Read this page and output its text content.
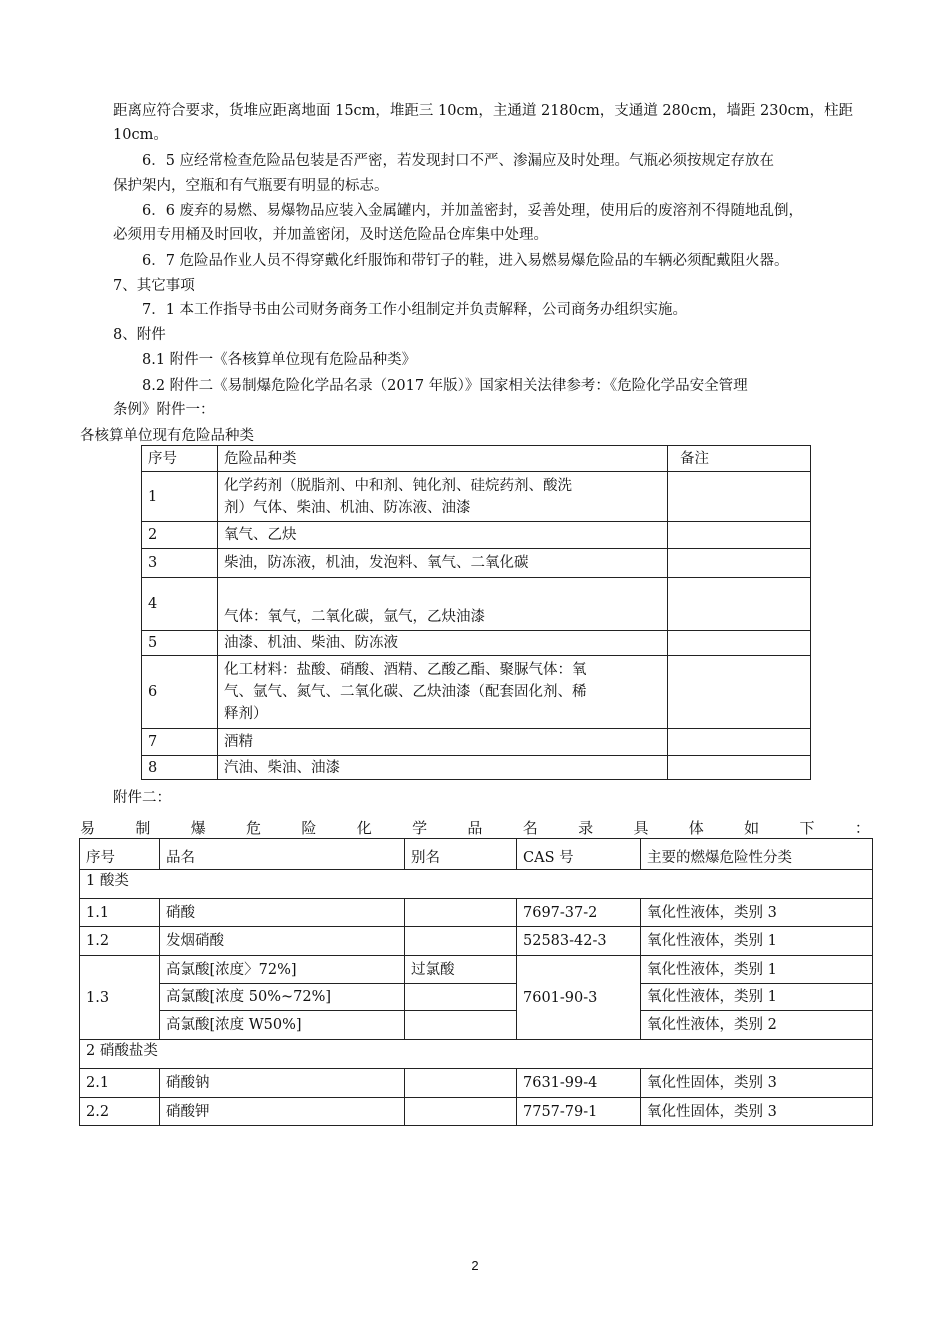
距离应符合要求，货堆应距离地面 15cm，堆距三 10cm，主通道 2180cm，支通道 280cm，墙距 230cm，柱距
10cm。
6．5 应经常检查危险品包装是否严密，若发现封口不严、渗漏应及时处理。气瓶必须按规定存放在
保护架内，空瓶和有气瓶要有明显的标志。
6．6 废弃的易燃、易爆物品应装入金属罐内，并加盖密封，妥善处理，使用后的废溶剂不得随地乱倒，
必须用专用桶及时回收，并加盖密闭，及时送危险品仓库集中处理。
6．7 危险品作业人员不得穿戴化纤服饰和带钉子的鞋，进入易燃易爆危险品的车辆必须配戴阻火器。
7、其它事项
7．1 本工作指导书由公司财务商务工作小组制定并负责解释，公司商务办组织实施。
8、附件
8.1 附件一《各核算单位现有危险品种类》
8.2 附件二《易制爆危险化学品名录（2017 年版）》国家相关法律参考：《危险化学品安全管理
条例》附件一：
各核算单位现有危险品种类
序号	危险品种类	备注
1	化学药剂（脱脂剂、中和剂、钝化剂、硅烷药剂、酸洗
剂）气体、柴油、机油、防冻液、油漆	

2	氧气、乙炔	
3	柴油，防冻液，机油，发泡料、氧气、二氧化碳	
4	气体：氧气，二氧化碳，氩气，乙炔油漆	
5	油漆、机油、柴油、防冻液	
6	化工材料：盐酸、硝酸、酒精、乙酸乙酯、聚脲气体：氧
气、氩气、氮气、二氧化碳、乙炔油漆（配套固化剂、稀
释剂）	

7	酒精	
8	汽油、柴油、油漆	
附件二：
易	制	爆	危	险	化	学	品	名	录	具	体	如	下	：
序号	品名	别名	CAS 号	主要的燃爆危险性分类
1 酸类				
1.1	硝酸		7697-37-2	氧化性液体，类别 3
1.2	发烟硝酸		52583-42-3	氧化性液体，类别 1
1.3	高氯酸[浓度〉72%]	过氯酸	7601-90-3	氧化性液体，类别 1
	高氯酸[浓度 50%~72%]			氧化性液体，类别 1
	高氯酸[浓度 W50%]			氧化性液体，类别 2
2 硝酸盐类				
2.1	硝酸钠		7631-99-4	氧化性固体，类别 3
2.2	硝酸钾		7757-79-1	氧化性固体，类别 3
2
